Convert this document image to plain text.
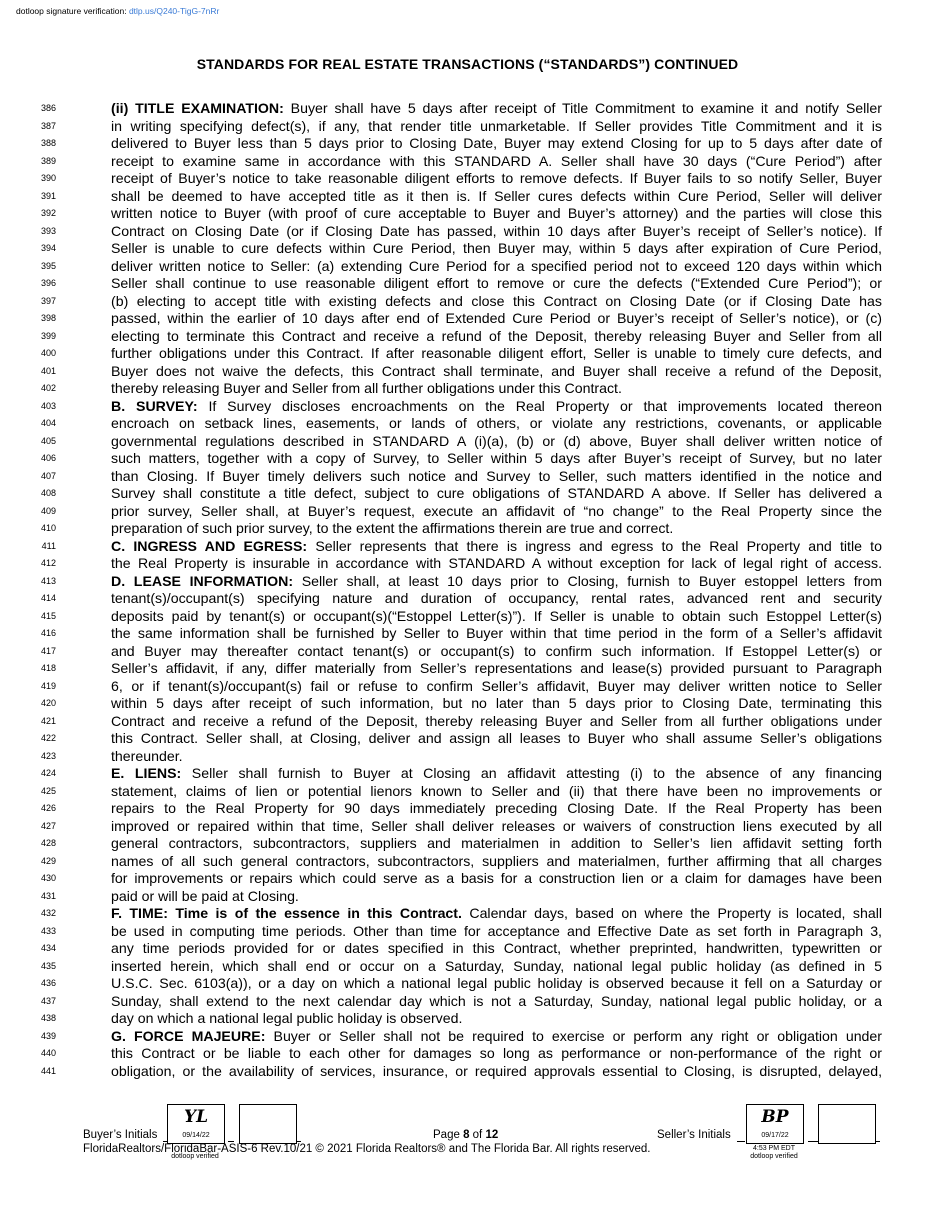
dotloop signature verification: dtlp.us/Q240-TigG-7nRr
STANDARDS FOR REAL ESTATE TRANSACTIONS (“STANDARDS”) CONTINUED
386	(ii) TITLE EXAMINATION: Buyer shall have 5 days after receipt of Title Commitment to examine it and notify Seller
387	in writing specifying defect(s), if any, that render title unmarketable. If Seller provides Title Commitment and it is
388	delivered to Buyer less than 5 days prior to Closing Date, Buyer may extend Closing for up to 5 days after date of
389	receipt to examine same in accordance with this STANDARD A. Seller shall have 30 days (“Cure Period”) after
390	receipt of Buyer’s notice to take reasonable diligent efforts to remove defects. If Buyer fails to so notify Seller, Buyer
391	shall be deemed to have accepted title as it then is. If Seller cures defects within Cure Period, Seller will deliver
392	written notice to Buyer (with proof of cure acceptable to Buyer and Buyer’s attorney) and the parties will close this
393	Contract on Closing Date (or if Closing Date has passed, within 10 days after Buyer’s receipt of Seller’s notice). If
394	Seller is unable to cure defects within Cure Period, then Buyer may, within 5 days after expiration of Cure Period,
395	deliver written notice to Seller: (a) extending Cure Period for a specified period not to exceed 120 days within which
396	Seller shall continue to use reasonable diligent effort to remove or cure the defects (“Extended Cure Period”); or
397	(b) electing to accept title with existing defects and close this Contract on Closing Date (or if Closing Date has
398	passed, within the earlier of 10 days after end of Extended Cure Period or Buyer’s receipt of Seller’s notice), or (c)
399	electing to terminate this Contract and receive a refund of the Deposit, thereby releasing Buyer and Seller from all
400	further obligations under this Contract. If after reasonable diligent effort, Seller is unable to timely cure defects, and
401	Buyer does not waive the defects, this Contract shall terminate, and Buyer shall receive a refund of the Deposit,
402	thereby releasing Buyer and Seller from all further obligations under this Contract.
403	B. SURVEY: If Survey discloses encroachments on the Real Property or that improvements located thereon
404	encroach on setback lines, easements, or lands of others, or violate any restrictions, covenants, or applicable
405	governmental regulations described in STANDARD A (i)(a), (b) or (d) above, Buyer shall deliver written notice of
406	such matters, together with a copy of Survey, to Seller within 5 days after Buyer’s receipt of Survey, but no later
407	than Closing. If Buyer timely delivers such notice and Survey to Seller, such matters identified in the notice and
408	Survey shall constitute a title defect, subject to cure obligations of STANDARD A above. If Seller has delivered a
409	prior survey, Seller shall, at Buyer’s request, execute an affidavit of “no change” to the Real Property since the
410	preparation of such prior survey, to the extent the affirmations therein are true and correct.
411	C. INGRESS AND EGRESS: Seller represents that there is ingress and egress to the Real Property and title to
412	the Real Property is insurable in accordance with STANDARD A without exception for lack of legal right of access.
413	D. LEASE INFORMATION: Seller shall, at least 10 days prior to Closing, furnish to Buyer estoppel letters from
414	tenant(s)/occupant(s) specifying nature and duration of occupancy, rental rates, advanced rent and security
415	deposits paid by tenant(s) or occupant(s)(“Estoppel Letter(s)”). If Seller is unable to obtain such Estoppel Letter(s)
416	the same information shall be furnished by Seller to Buyer within that time period in the form of a Seller’s affidavit
417	and Buyer may thereafter contact tenant(s) or occupant(s) to confirm such information. If Estoppel Letter(s) or
418	Seller’s affidavit, if any, differ materially from Seller’s representations and lease(s) provided pursuant to Paragraph
419	6, or if tenant(s)/occupant(s) fail or refuse to confirm Seller’s affidavit, Buyer may deliver written notice to Seller
420	within 5 days after receipt of such information, but no later than 5 days prior to Closing Date, terminating this
421	Contract and receive a refund of the Deposit, thereby releasing Buyer and Seller from all further obligations under
422	this Contract. Seller shall, at Closing, deliver and assign all leases to Buyer who shall assume Seller’s obligations
423	thereunder.
424	E. LIENS: Seller shall furnish to Buyer at Closing an affidavit attesting (i) to the absence of any financing
425	statement, claims of lien or potential lienors known to Seller and (ii) that there have been no improvements or
426	repairs to the Real Property for 90 days immediately preceding Closing Date. If the Real Property has been
427	improved or repaired within that time, Seller shall deliver releases or waivers of construction liens executed by all
428	general contractors, subcontractors, suppliers and materialmen in addition to Seller’s lien affidavit setting forth
429	names of all such general contractors, subcontractors, suppliers and materialmen, further affirming that all charges
430	for improvements or repairs which could serve as a basis for a construction lien or a claim for damages have been
431	paid or will be paid at Closing.
432	F. TIME: Time is of the essence in this Contract. Calendar days, based on where the Property is located, shall
433	be used in computing time periods. Other than time for acceptance and Effective Date as set forth in Paragraph 3,
434	any time periods provided for or dates specified in this Contract, whether preprinted, handwritten, typewritten or
435	inserted herein, which shall end or occur on a Saturday, Sunday, national legal public holiday (as defined in 5
436	U.S.C. Sec. 6103(a)), or a day on which a national legal public holiday is observed because it fell on a Saturday or
437	Sunday, shall extend to the next calendar day which is not a Saturday, Sunday, national legal public holiday, or a
438	day on which a national legal public holiday is observed.
439	G. FORCE MAJEURE: Buyer or Seller shall not be required to exercise or perform any right or obligation under
440	this Contract or be liable to each other for damages so long as performance or non-performance of the right or
441	obligation, or the availability of services, insurance, or required approvals essential to Closing, is disrupted, delayed,
Buyer’s Initials
YL
09/14/22
dotloop verified
Page 8 of 12	Seller’s Initials
BP
09/17/22
4:53 PM EDT
dotloop verified
FloridaRealtors/FloridaBar-ASIS-6 Rev.10/21 © 2021 Florida Realtors® and The Florida Bar. All rights reserved.
